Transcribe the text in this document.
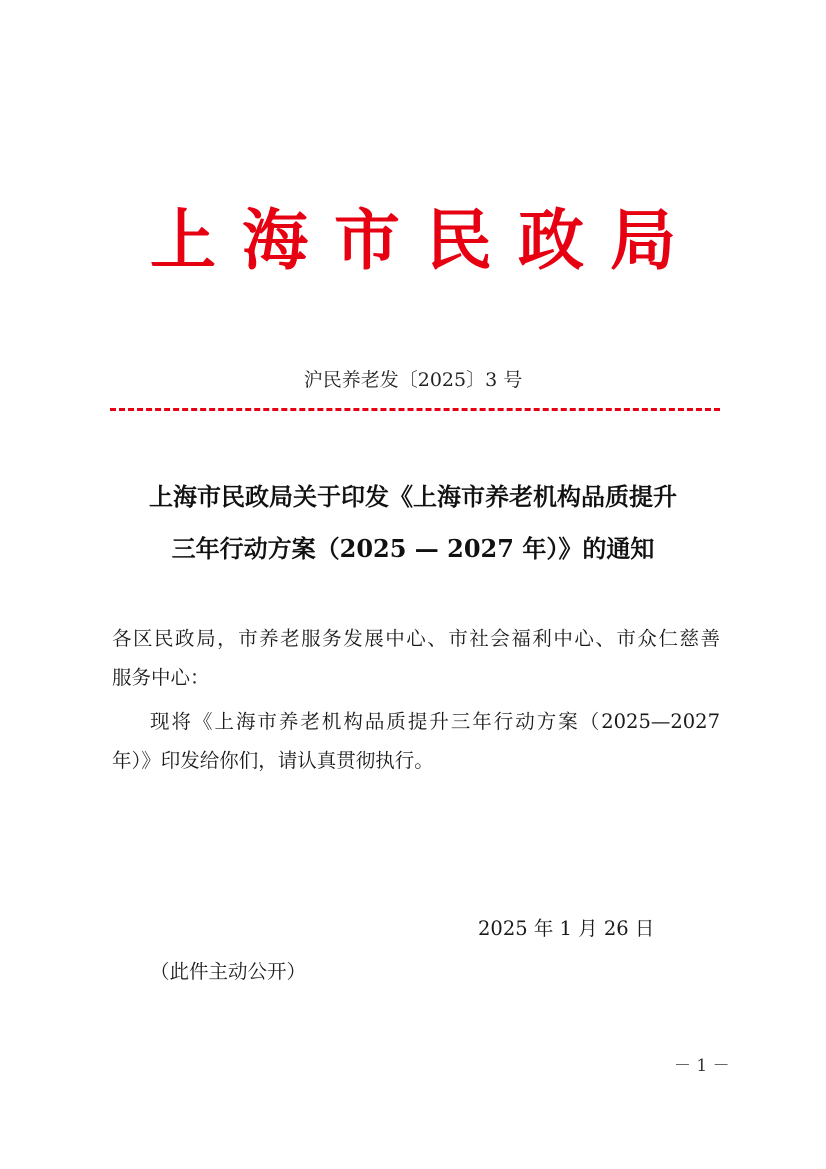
上海市民政局
沪民养老发〔2025〕3 号
上海市民政局关于印发《上海市养老机构品质提升
三年行动方案（2025 — 2027 年）》的通知
各区民政局，市养老服务发展中心、市社会福利中心、市众仁慈善
服务中心：
现将《上海市养老机构品质提升三年行动方案（2025—2027
年）》印发给你们，请认真贯彻执行。
2025 年 1 月 26 日
（此件主动公开）
－ 1 －
